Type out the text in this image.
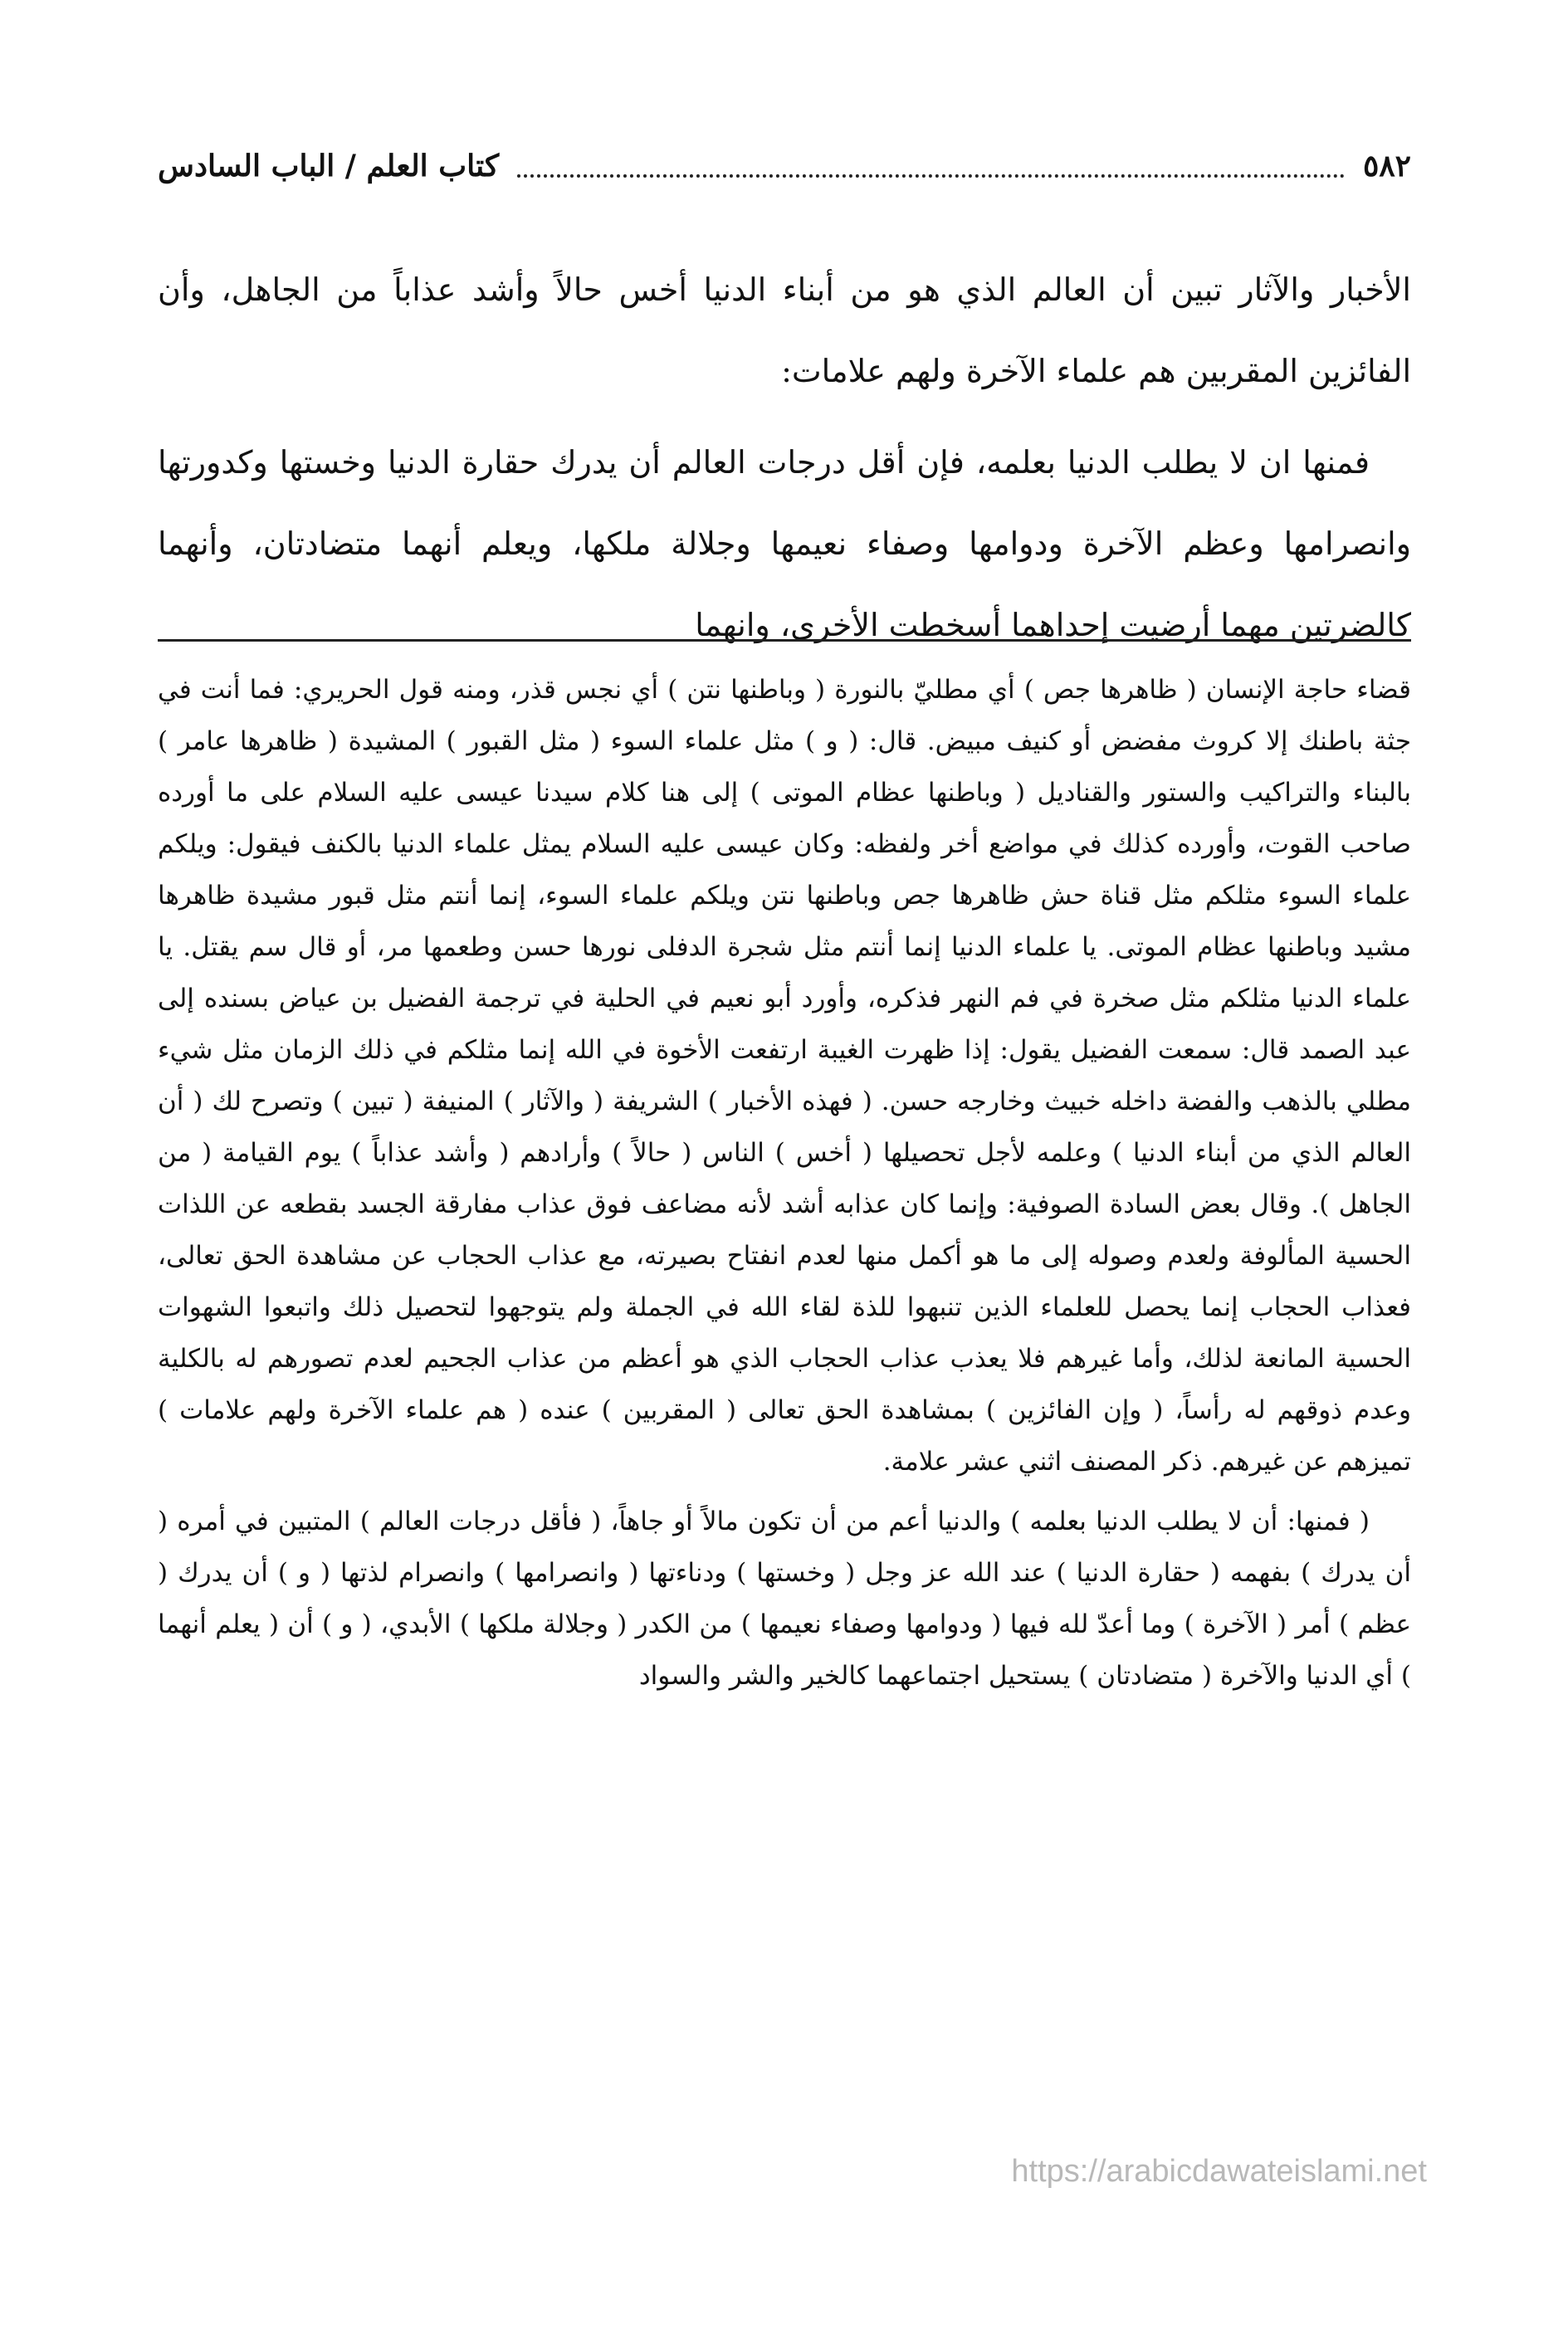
٥٨٢
كتاب العلم / الباب السادس

الأخبار والآثار تبين أن العالم الذي هو من أبناء الدنيا أخس حالاً وأشد عذاباً من الجاهل، وأن الفائزين المقربين هم علماء الآخرة ولهم علامات:

فمنها ان لا يطلب الدنيا بعلمه، فإن أقل درجات العالم أن يدرك حقارة الدنيا وخستها وكدورتها وانصرامها وعظم الآخرة ودوامها وصفاء نعيمها وجلالة ملكها، ويعلم أنهما متضادتان، وأنهما كالضرتين مهما أرضيت إحداهما أسخطت الأخرى، وانهما

قضاء حاجة الإنسان ( ظاهرها جص ) أي مطليّ بالنورة ( وباطنها نتن ) أي نجس قذر، ومنه قول الحريري: فما أنت في جثة باطنك إلا كروث مفضض أو كنيف مبيض. قال: ( و ) مثل علماء السوء ( مثل القبور ) المشيدة ( ظاهرها عامر ) بالبناء والتراكيب والستور والقناديل ( وباطنها عظام الموتى ) إلى هنا كلام سيدنا عيسى عليه السلام على ما أورده صاحب القوت، وأورده كذلك في مواضع أخر ولفظه: وكان عيسى عليه السلام يمثل علماء الدنيا بالكنف فيقول: ويلكم علماء السوء مثلكم مثل قناة حش ظاهرها جص وباطنها نتن ويلكم علماء السوء، إنما أنتم مثل قبور مشيدة ظاهرها مشيد وباطنها عظام الموتى. يا علماء الدنيا إنما أنتم مثل شجرة الدفلى نورها حسن وطعمها مر، أو قال سم يقتل. يا علماء الدنيا مثلكم مثل صخرة في فم النهر فذكره، وأورد أبو نعيم في الحلية في ترجمة الفضيل بن عياض بسنده إلى عبد الصمد قال: سمعت الفضيل يقول: إذا ظهرت الغيبة ارتفعت الأخوة في الله إنما مثلكم في ذلك الزمان مثل شيء مطلي بالذهب والفضة داخله خبيث وخارجه حسن. ( فهذه الأخبار ) الشريفة ( والآثار ) المنيفة ( تبين ) وتصرح لك ( أن العالم الذي من أبناء الدنيا ) وعلمه لأجل تحصيلها ( أخس ) الناس ( حالاً ) وأرادهم ( وأشد عذاباً ) يوم القيامة ( من الجاهل ). وقال بعض السادة الصوفية: وإنما كان عذابه أشد لأنه مضاعف فوق عذاب مفارقة الجسد بقطعه عن اللذات الحسية المألوفة ولعدم وصوله إلى ما هو أكمل منها لعدم انفتاح بصيرته، مع عذاب الحجاب عن مشاهدة الحق تعالى، فعذاب الحجاب إنما يحصل للعلماء الذين تنبهوا للذة لقاء الله في الجملة ولم يتوجهوا لتحصيل ذلك واتبعوا الشهوات الحسية المانعة لذلك، وأما غيرهم فلا يعذب عذاب الحجاب الذي هو أعظم من عذاب الجحيم لعدم تصورهم له بالكلية وعدم ذوقهم له رأساً، ( وإن الفائزين ) بمشاهدة الحق تعالى ( المقربين ) عنده ( هم علماء الآخرة ولهم علامات ) تميزهم عن غيرهم. ذكر المصنف اثني عشر علامة.

( فمنها: أن لا يطلب الدنيا بعلمه ) والدنيا أعم من أن تكون مالاً أو جاهاً، ( فأقل درجات العالم ) المتبين في أمره ( أن يدرك ) بفهمه ( حقارة الدنيا ) عند الله عز وجل ( وخستها ) ودناءتها ( وانصرامها ) وانصرام لذتها ( و ) أن يدرك ( عظم ) أمر ( الآخرة ) وما أعدّ لله فيها ( ودوامها وصفاء نعيمها ) من الكدر ( وجلالة ملكها ) الأبدي، ( و ) أن ( يعلم أنهما ) أي الدنيا والآخرة ( متضادتان ) يستحيل اجتماعهما كالخير والشر والسواد

https://arabicdawateislami.net
